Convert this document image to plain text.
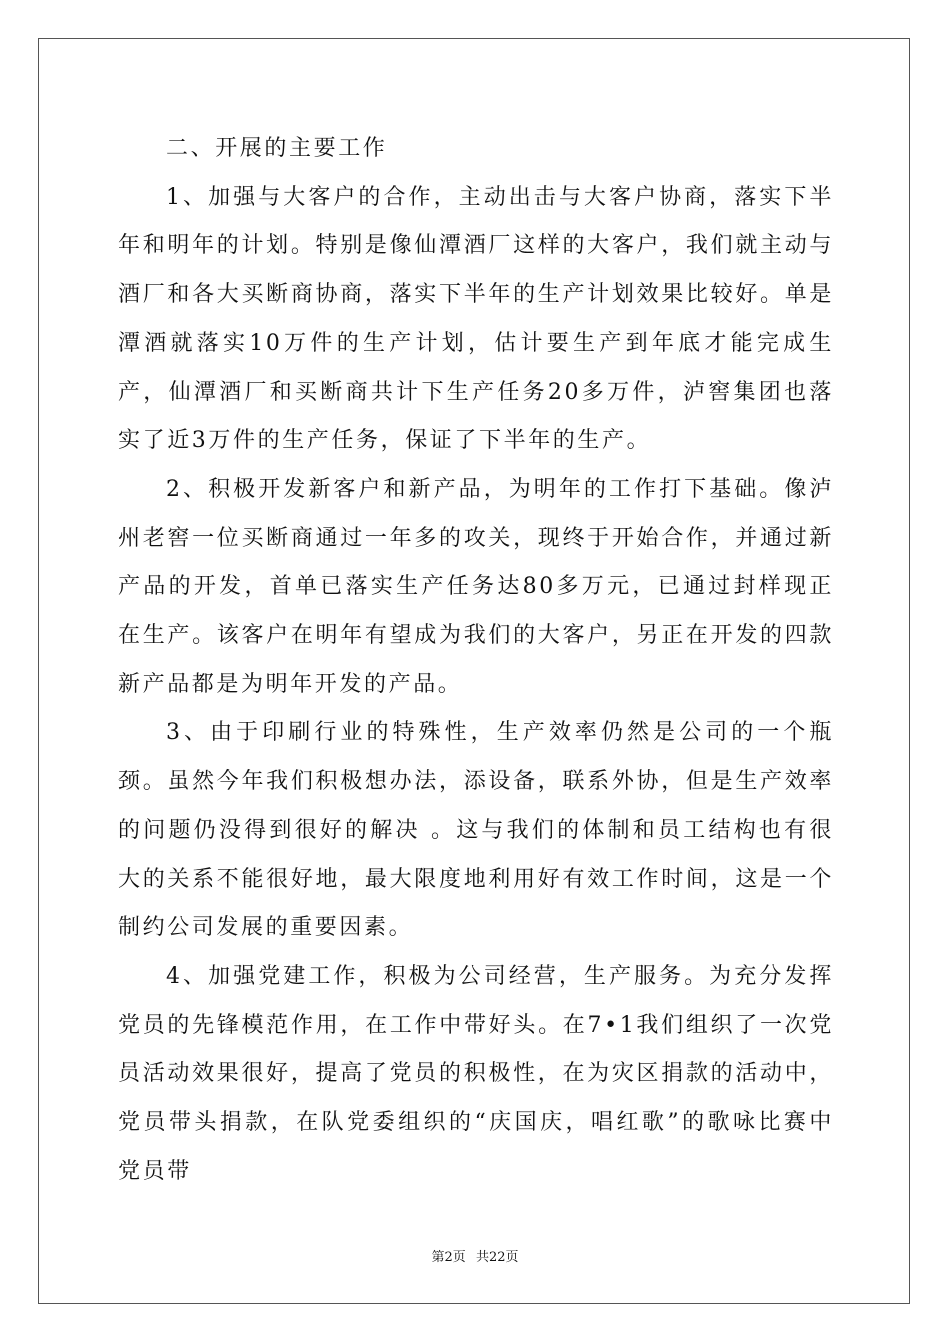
二、开展的主要工作

1、加强与大客户的合作，主动出击与大客户协商，落实下半年和明年的计划。特别是像仙潭酒厂这样的大客户，我们就主动与酒厂和各大买断商协商，落实下半年的生产计划效果比较好。单是潭酒就落实10万件的生产计划，估计要生产到年底才能完成生产，仙潭酒厂和买断商共计下生产任务20多万件，泸窖集团也落实了近3万件的生产任务，保证了下半年的生产。

2、积极开发新客户和新产品，为明年的工作打下基础。像泸州老窖一位买断商通过一年多的攻关，现终于开始合作，并通过新产品的开发，首单已落实生产任务达80多万元，已通过封样现正在生产。该客户在明年有望成为我们的大客户，另正在开发的四款新产品都是为明年开发的产品。

3、由于印刷行业的特殊性，生产效率仍然是公司的一个瓶颈。虽然今年我们积极想办法，添设备，联系外协，但是生产效率的问题仍没得到很好的解决 。这与我们的体制和员工结构也有很大的关系不能很好地，最大限度地利用好有效工作时间，这是一个制约公司发展的重要因素。

4、加强党建工作，积极为公司经营，生产服务。为充分发挥党员的先锋模范作用，在工作中带好头。在7•1我们组织了一次党员活动效果很好，提高了党员的积极性，在为灾区捐款的活动中，党员带头捐款，在队党委组织的“庆国庆，唱红歌”的歌咏比赛中党员带

第2页 共22页
